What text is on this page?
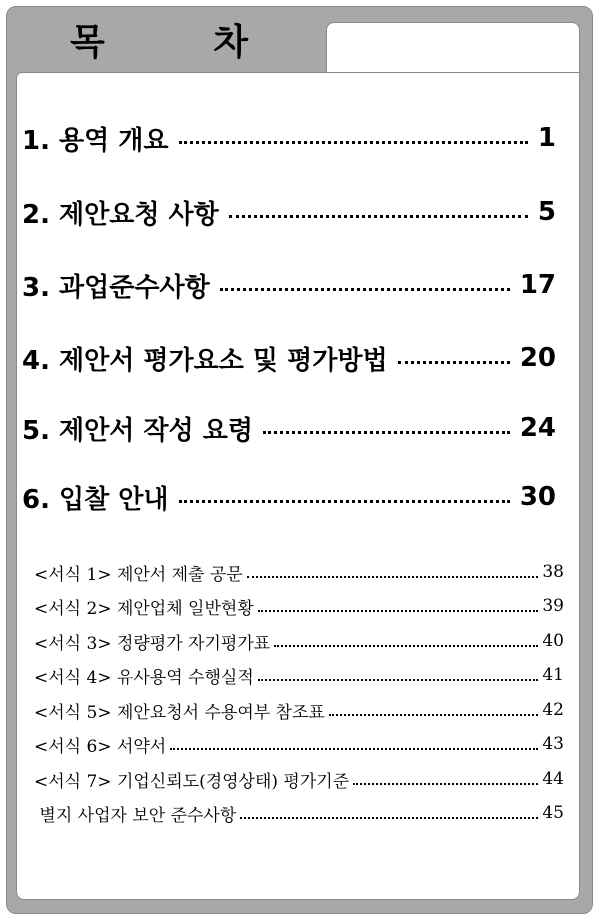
목 차
1. 용역 개요	1
2. 제안요청 사항	5
3. 과업준수사항	17
4. 제안서 평가요소 및 평가방법	20
5. 제안서 작성 요령	24
6. 입찰 안내	30
<서식 1> 제안서 제출 공문	38
<서식 2> 제안업체 일반현황	39
<서식 3> 정량평가 자기평가표	40
<서식 4> 유사용역 수행실적	41
<서식 5> 제안요청서 수용여부 참조표	42
<서식 6> 서약서	43
<서식 7> 기업신뢰도(경영상태) 평가기준	44
별지 사업자 보안 준수사항	45
